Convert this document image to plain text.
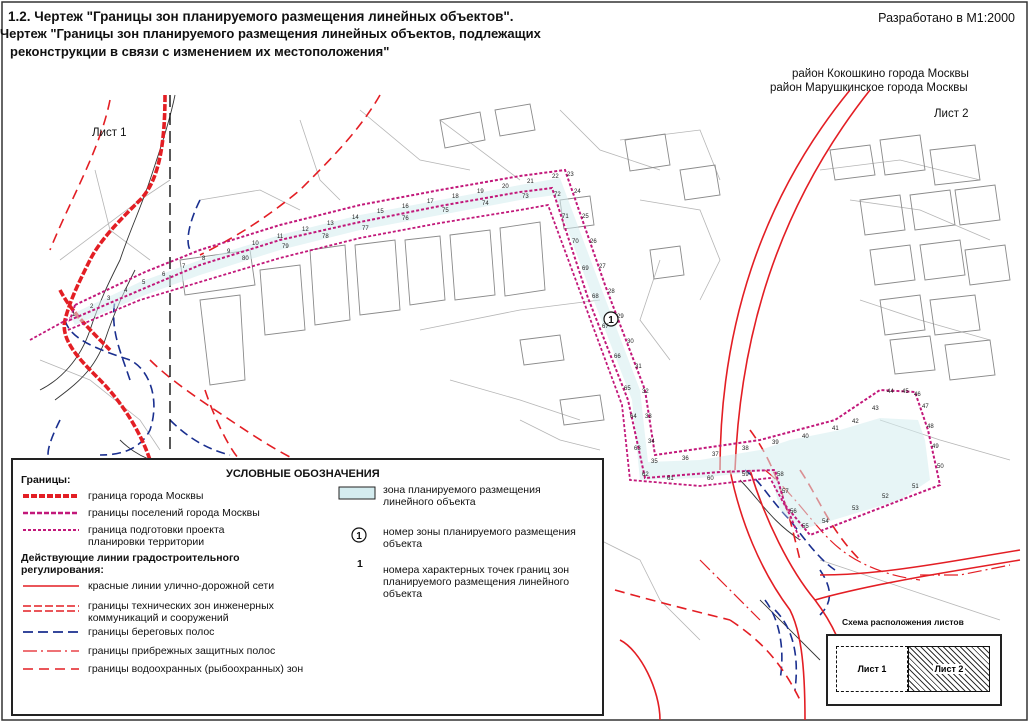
1
1
2
3
4
5
6
7
8
9
10
11
12
13
14
15
16
17
18
19
20
21
22 23
24
25
26
27
28
29
30
31
32
33
34
35	36
37
38
39
40
41
42
43
44 45 46
47
48
49
50
51
52
53
54
55
56
57
58
59
60
61
62
63
64
65
66
67
68
69
70
71
72
73
74
75
76
77
78
79
80
1.2. Чертеж "Границы зон планируемого размещения линейных объектов".
Чертеж "Границы зон планируемого размещения линейных объектов, подлежащих
реконструкции в связи с изменением их местоположения"
Разработано в М1:2000
район Кокошкино города Москвы
район Марушкинское города Москвы
Лист 1
Лист 2
УСЛОВНЫЕ ОБОЗНАЧЕНИЯ
Границы:
граница города Москвы
границы поселений города Москвы
граница подготовки проекта планировки территории
Действующие линии градостроительного регулирования:
красные линии улично-дорожной сети
границы технических зон инженерных коммуникаций и сооружений
границы береговых полос
границы прибрежных защитных полос
границы водоохранных (рыбоохранных) зон
зона планируемого размещения линейного объекта
1 номер зоны планируемого размещения объекта
1 номера характерных точек границ зон планируемого размещения линейного объекта
Схема расположения листов
Лист 1	Лист 2
